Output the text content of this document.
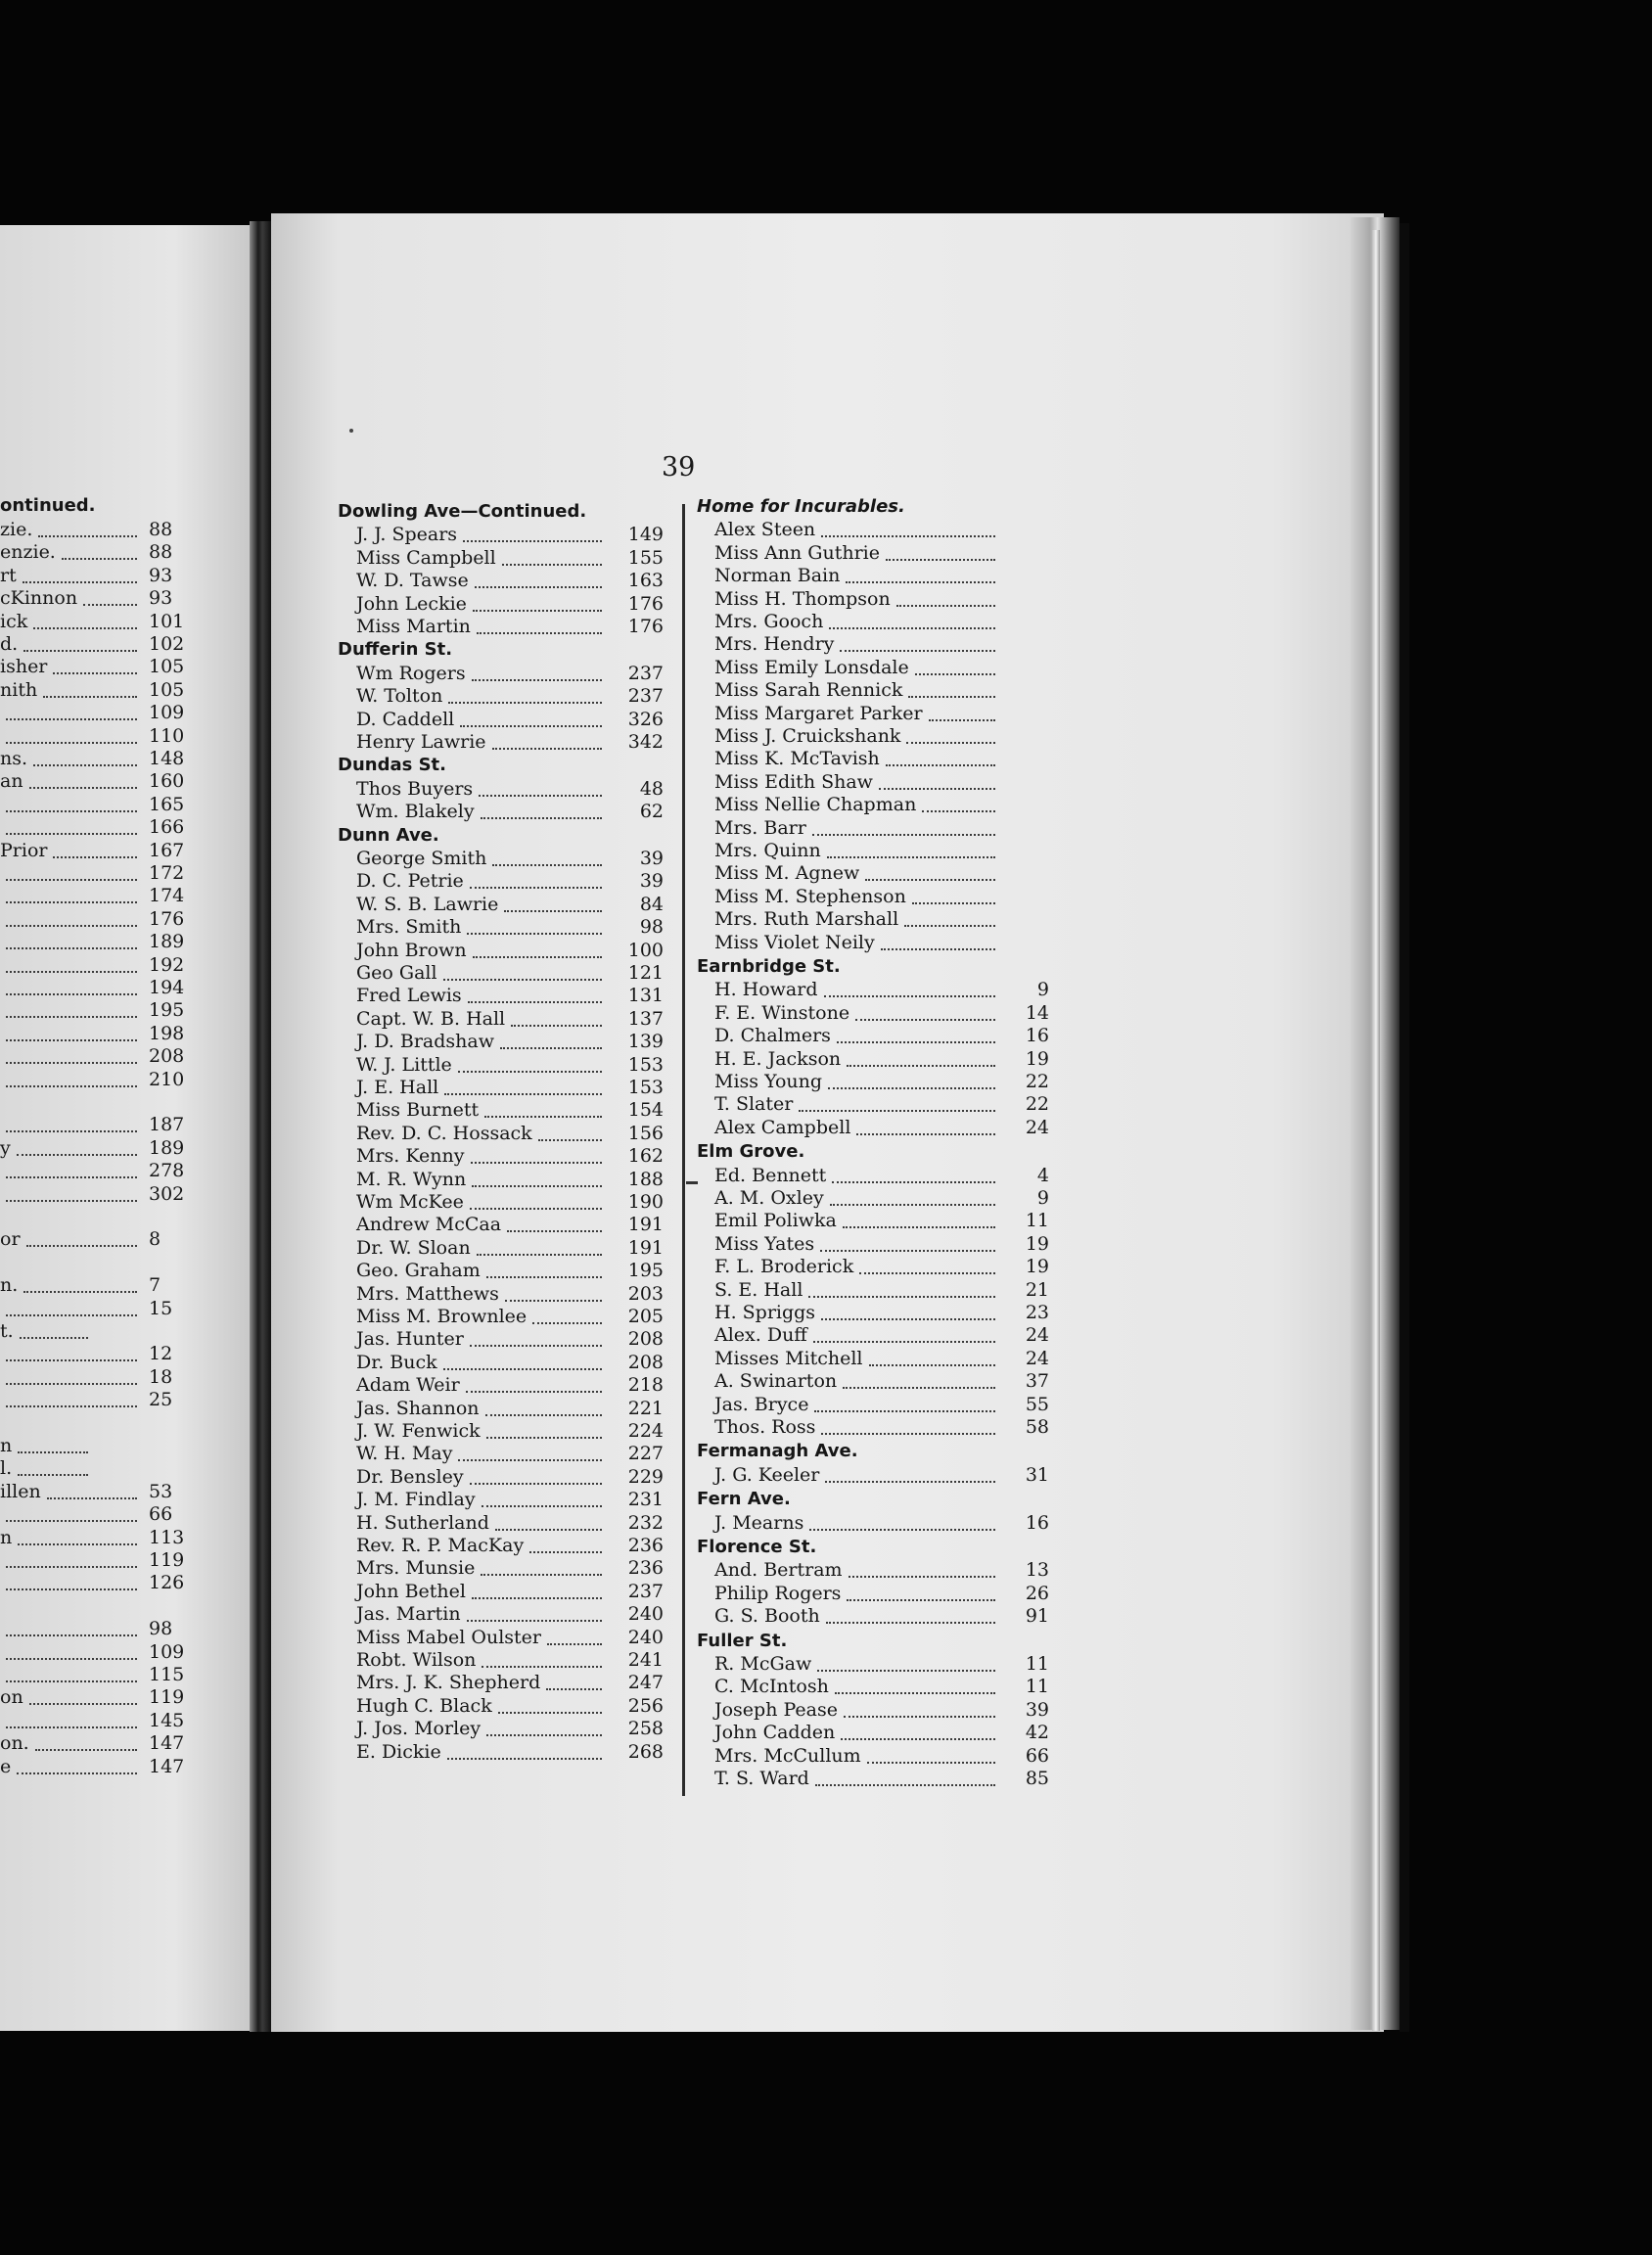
39
ontinued.
zie.	88
enzie.	88
rt	93
cKinnon	93
ick	101
d.	102
isher	105
nith	105
109
110
ns.	148
an	160
165
166
Prior	167
172
174
176
189
192
194
195
198
208
210
187
y	189
278
302
or	8
n.	7
15
t.
12
18
25
n
l.
illen	53
66
n	113
119
126
98
109
115
on	119
145
on.	147
e	147
Dowling Ave—Continued.
J. J. Spears	149
Miss Campbell	155
W. D. Tawse	163
John Leckie	176
Miss Martin	176
Dufferin St.
Wm Rogers	237
W. Tolton	237
D. Caddell	326
Henry Lawrie	342
Dundas St.
Thos Buyers	48
Wm. Blakely	62
Dunn Ave.
George Smith	39
D. C. Petrie	39
W. S. B. Lawrie	84
Mrs. Smith	98
John Brown	100
Geo Gall	121
Fred Lewis	131
Capt. W. B. Hall	137
J. D. Bradshaw	139
W. J. Little	153
J. E. Hall	153
Miss Burnett	154
Rev. D. C. Hossack	156
Mrs. Kenny	162
M. R. Wynn	188
Wm McKee	190
Andrew McCaa	191
Dr. W. Sloan	191
Geo. Graham	195
Mrs. Matthews	203
Miss M. Brownlee	205
Jas. Hunter	208
Dr. Buck	208
Adam Weir	218
Jas. Shannon	221
J. W. Fenwick	224
W. H. May	227
Dr. Bensley	229
J. M. Findlay	231
H. Sutherland	232
Rev. R. P. MacKay	236
Mrs. Munsie	236
John Bethel	237
Jas. Martin	240
Miss Mabel Oulster	240
Robt. Wilson	241
Mrs. J. K. Shepherd	247
Hugh C. Black	256
J. Jos. Morley	258
E. Dickie	268
Home for Incurables.
Alex Steen
Miss Ann Guthrie
Norman Bain
Miss H. Thompson
Mrs. Gooch
Mrs. Hendry
Miss Emily Lonsdale
Miss Sarah Rennick
Miss Margaret Parker
Miss J. Cruickshank
Miss K. McTavish
Miss Edith Shaw
Miss Nellie Chapman
Mrs. Barr
Mrs. Quinn
Miss M. Agnew
Miss M. Stephenson
Mrs. Ruth Marshall
Miss Violet Neily
Earnbridge St.
H. Howard	9
F. E. Winstone	14
D. Chalmers	16
H. E. Jackson	19
Miss Young	22
T. Slater	22
Alex Campbell	24
Elm Grove.
Ed. Bennett	4
A. M. Oxley	9
Emil Poliwka	11
Miss Yates	19
F. L. Broderick	19
S. E. Hall	21
H. Spriggs	23
Alex. Duff	24
Misses Mitchell	24
A. Swinarton	37
Jas. Bryce	55
Thos. Ross	58
Fermanagh Ave.
J. G. Keeler	31
Fern Ave.
J. Mearns	16
Florence St.
And. Bertram	13
Philip Rogers	26
G. S. Booth	91
Fuller St.
R. McGaw	11
C. McIntosh	11
Joseph Pease	39
John Cadden	42
Mrs. McCullum	66
T. S. Ward	85
